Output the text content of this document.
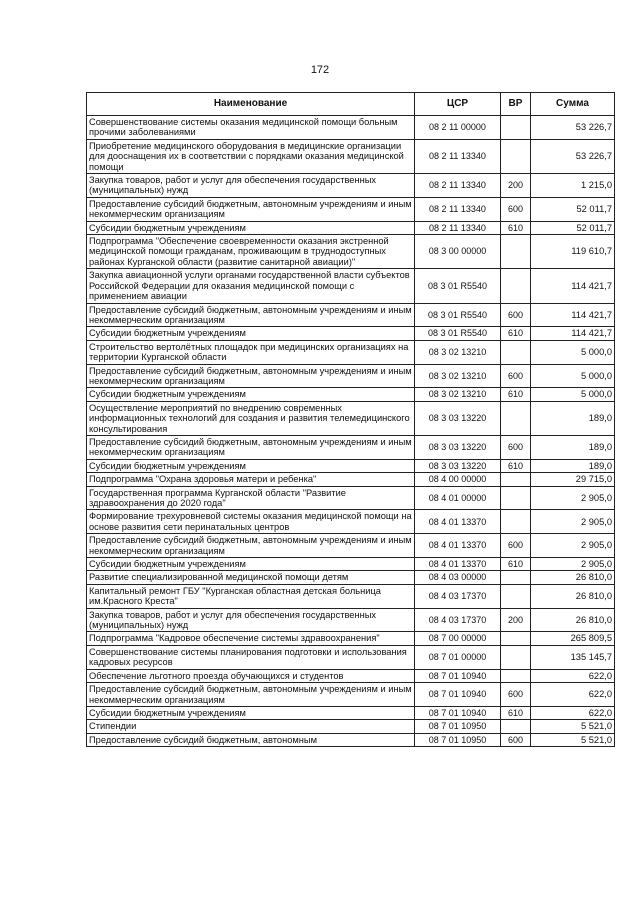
172
Наименование	ЦСР	ВР	Сумма
Совершенствование системы оказания медицинской помощи больным прочими заболеваниями	08 2 11 00000		53 226,7
Приобретение медицинского оборудования в медицинские организации для дооснащения их в соответствии с порядками оказания медицинской помощи	08 2 11 13340		53 226,7
Закупка товаров, работ и услуг для обеспечения государственных (муниципальных) нужд	08 2 11 13340	200	1 215,0
Предоставление субсидий бюджетным, автономным учреждениям и иным некоммерческим организациям	08 2 11 13340	600	52 011,7
Субсидии бюджетным учреждениям	08 2 11 13340	610	52 011,7
Подпрограмма "Обеспечение своевременности оказания экстренной медицинской помощи гражданам, проживающим в труднодоступных районах Курганской области (развитие санитарной авиации)"	08 3 00 00000		119 610,7
Закупка авиационной услуги органами государственной власти субъектов Российской Федерации для оказания медицинской помощи с применением авиации	08 3 01 R5540		114 421,7
Предоставление субсидий бюджетным, автономным учреждениям и иным некоммерческим организациям	08 3 01 R5540	600	114 421,7
Субсидии бюджетным учреждениям	08 3 01 R5540	610	114 421,7
Строительство вертолётных площадок при медицинских организациях на территории Курганской области	08 3 02 13210		5 000,0
Предоставление субсидий бюджетным, автономным учреждениям и иным некоммерческим организациям	08 3 02 13210	600	5 000,0
Субсидии бюджетным учреждениям	08 3 02 13210	610	5 000,0
Осуществление мероприятий по внедрению современных информационных технологий для создания и развития телемедицинского консультирования	08 3 03 13220		189,0
Предоставление субсидий бюджетным, автономным учреждениям и иным некоммерческим организациям	08 3 03 13220	600	189,0
Субсидии бюджетным учреждениям	08 3 03 13220	610	189,0
Подпрограмма "Охрана здоровья матери и ребенка"	08 4 00 00000		29 715,0
Государственная программа Курганской области "Развитие здравоохранения до 2020 года"	08 4 01 00000		2 905,0
Формирование трехуровневой системы оказания медицинской помощи на основе развития сети перинатальных центров	08 4 01 13370		2 905,0
Предоставление субсидий бюджетным, автономным учреждениям и иным некоммерческим организациям	08 4 01 13370	600	2 905,0
Субсидии бюджетным учреждениям	08 4 01 13370	610	2 905,0
Развитие специализированной медицинской помощи детям	08 4 03 00000		26 810,0
Капитальный ремонт ГБУ "Курганская областная детская больница им.Красного Креста"	08 4 03 17370		26 810,0
Закупка товаров, работ и услуг для обеспечения государственных (муниципальных) нужд	08 4 03 17370	200	26 810,0
Подпрограмма "Кадровое обеспечение системы здравоохранения"	08 7 00 00000		265 809,5
Совершенствование системы планирования подготовки и использования кадровых ресурсов	08 7 01 00000		135 145,7
Обеспечение льготного проезда обучающихся и студентов	08 7 01 10940		622,0
Предоставление субсидий бюджетным, автономным учреждениям и иным некоммерческим организациям	08 7 01 10940	600	622,0
Субсидии бюджетным учреждениям	08 7 01 10940	610	622,0
Стипендии	08 7 01 10950		5 521,0
Предоставление субсидий бюджетным, автономным	08 7 01 10950	600	5 521,0
